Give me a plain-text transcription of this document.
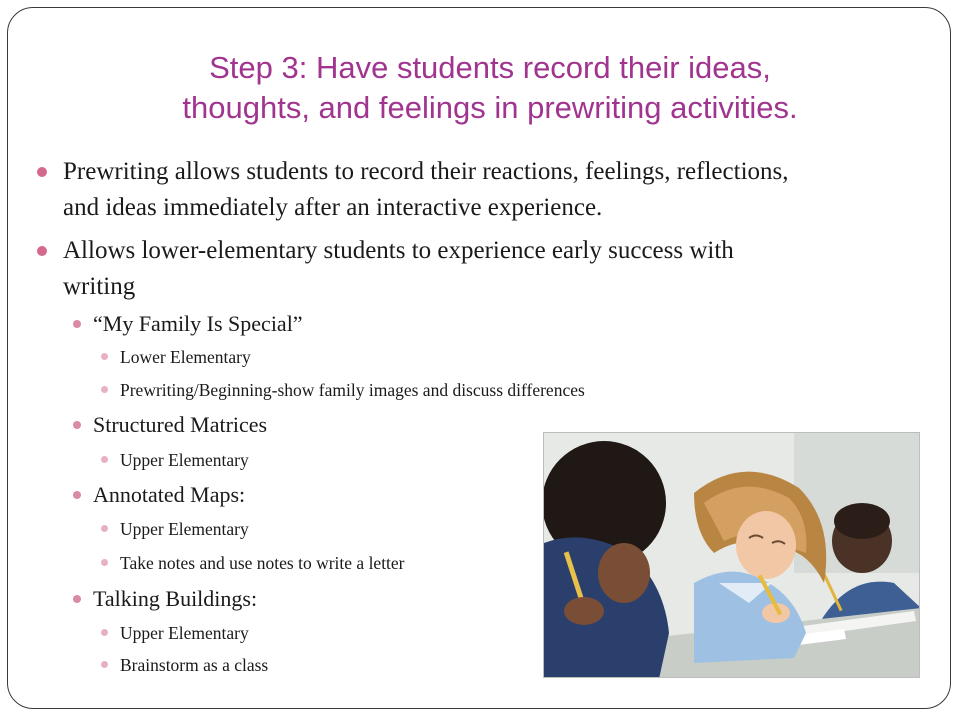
Step 3: Have students record their ideas,
thoughts, and feelings in prewriting activities.
Prewriting allows students to record their reactions, feelings, reflections,
and ideas immediately after an interactive experience.
Allows lower-elementary students to experience early success with
writing
“My Family Is Special”
Lower Elementary
Prewriting/Beginning-show family images and discuss differences
Structured Matrices
Upper Elementary
Annotated Maps:
Upper Elementary
Take notes and use notes to write a letter
Talking Buildings:
Upper Elementary
Brainstorm as a class
